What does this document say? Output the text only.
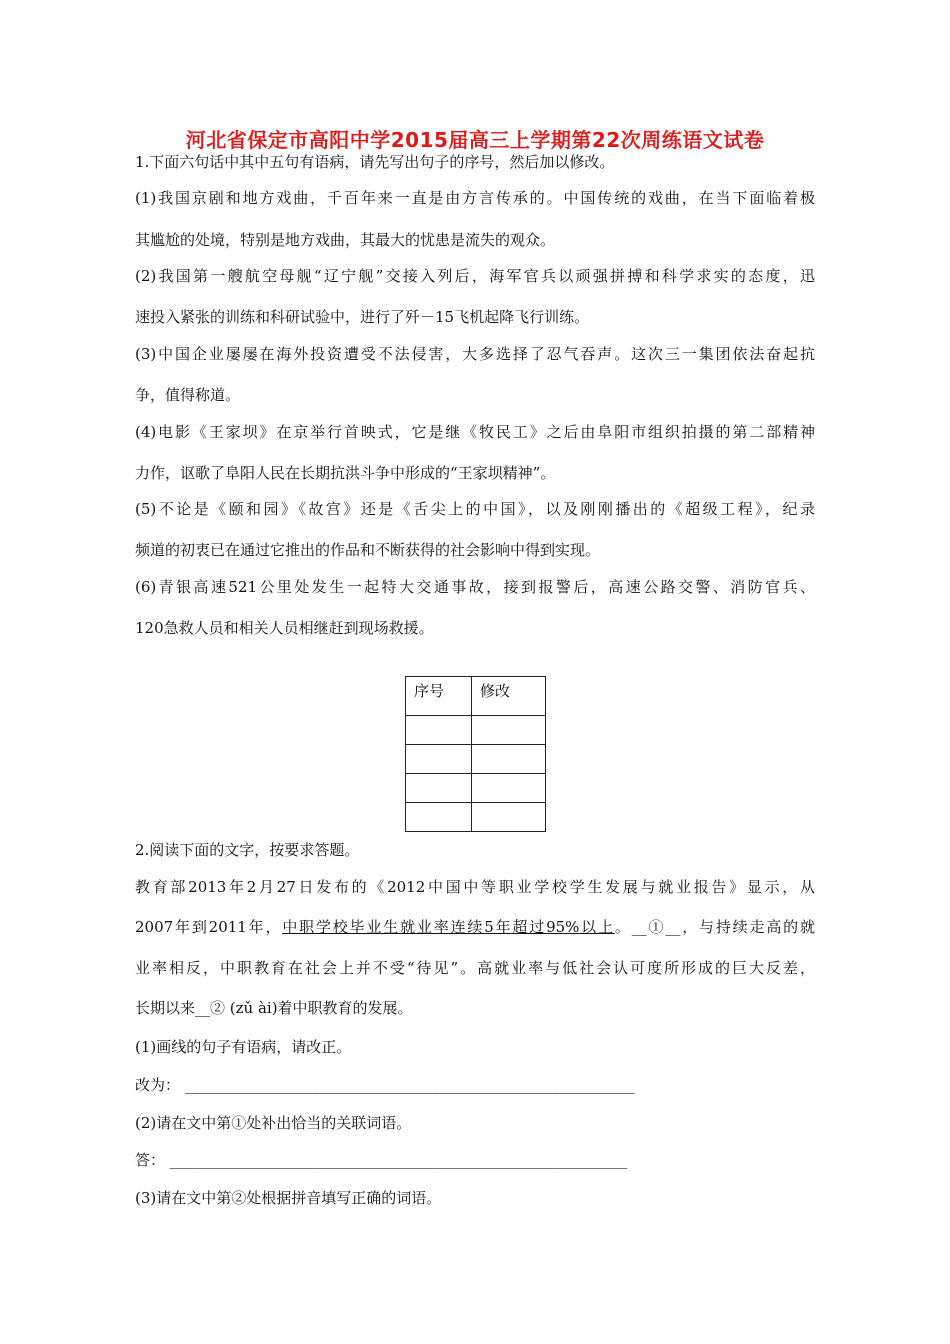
河北省保定市高阳中学2015届高三上学期第22次周练语文试卷
1.下面六句话中其中五句有语病，请先写出句子的序号，然后加以修改。
(1)我国京剧和地方戏曲，千百年来一直是由方言传承的。中国传统的戏曲，在当下面临着极
其尴尬的处境，特别是地方戏曲，其最大的忧患是流失的观众。
(2)我国第一艘航空母舰“辽宁舰”交接入列后，海军官兵以顽强拼搏和科学求实的态度，迅
速投入紧张的训练和科研试验中，进行了歼－15飞机起降飞行训练。
(3)中国企业屡屡在海外投资遭受不法侵害，大多选择了忍气吞声。这次三一集团依法奋起抗
争，值得称道。
(4)电影《王家坝》在京举行首映式，它是继《牧民工》之后由阜阳市组织拍摄的第二部精神
力作，讴歌了阜阳人民在长期抗洪斗争中形成的“王家坝精神”。
(5)不论是《颐和园》《故宫》还是《舌尖上的中国》，以及刚刚播出的《超级工程》，纪录
频道的初衷已在通过它推出的作品和不断获得的社会影响中得到实现。
(6)青银高速521公里处发生一起特大交通事故，接到报警后，高速公路交警、消防官兵、
120急救人员和相关人员相继赶到现场救援。
序号	修改

2.阅读下面的文字，按要求答题。
教育部2013年2月27日发布的《2012中国中等职业学校学生发展与就业报告》显示，从
2007年到2011年，中职学校毕业生就业率连续5年超过95%以上。__①__，与持续走高的就
业率相反，中职教育在社会上并不受“待见”。高就业率与低社会认可度所形成的巨大反差，
长期以来__② (zǔ ài)着中职教育的发展。
(1)画线的句子有语病，请改正。
改为： ____________________________________________________________
(2)请在文中第①处补出恰当的关联词语。
答： _____________________________________________________________
(3)请在文中第②处根据拼音填写正确的词语。
